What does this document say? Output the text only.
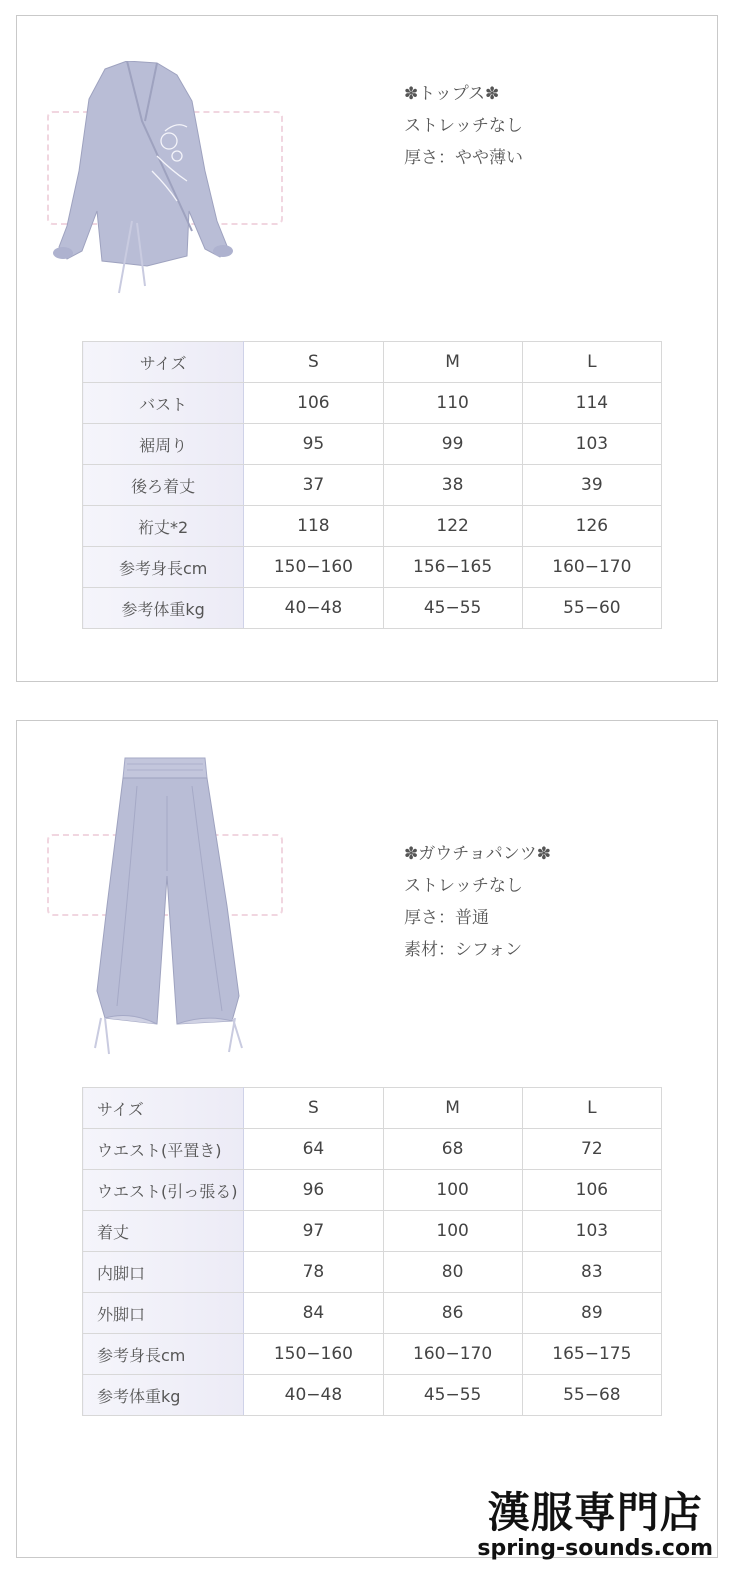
✽トップス✽
ストレッチなし
厚さ：やや薄い
サイズ	S	M	L
バスト	106	110	114
裾周り	95	99	103
後ろ着丈	37	38	39
裄丈*2	118	122	126
参考身長cm	150−160	156−165	160−170
参考体重kg	40−48	45−55	55−60
✽ガウチョパンツ✽
ストレッチなし
厚さ：普通
素材：シフォン
サイズ	S	M	L
ウエスト(平置き)	64	68	72
ウエスト(引っ張る)	96	100	106
着丈	97	100	103
内脚口	78	80	83
外脚口	84	86	89
参考身長cm	150−160	160−170	165−175
参考体重kg	40−48	45−55	55−68
漢服専門店
spring-sounds.com
